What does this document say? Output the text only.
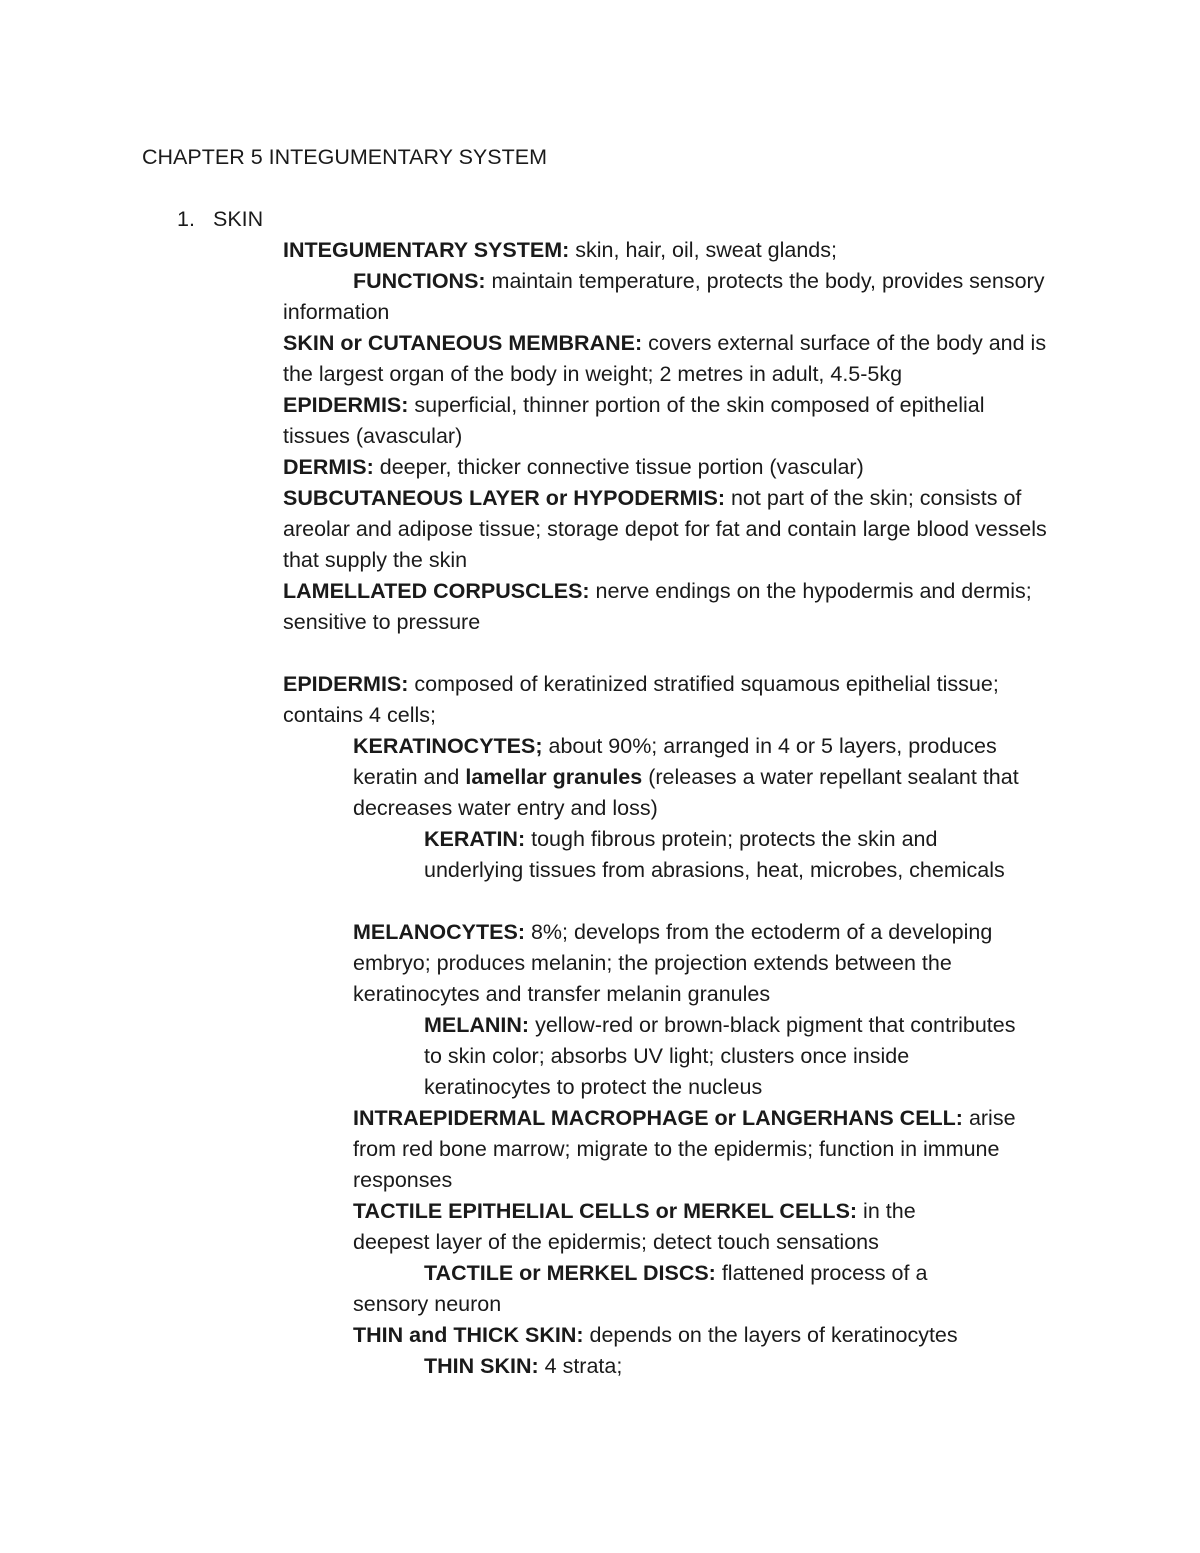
CHAPTER 5 INTEGUMENTARY SYSTEM
1. SKIN

INTEGUMENTARY SYSTEM: skin, hair, oil, sweat glands;

FUNCTIONS: maintain temperature, protects the body, provides sensory information

SKIN or CUTANEOUS MEMBRANE: covers external surface of the body and is the largest organ of the body in weight; 2 metres in adult, 4.5-5kg

EPIDERMIS: superficial, thinner portion of the skin composed of epithelial tissues (avascular)

DERMIS: deeper, thicker connective tissue portion (vascular)

SUBCUTANEOUS LAYER or HYPODERMIS: not part of the skin; consists of areolar and adipose tissue; storage depot for fat and contain large blood vessels that supply the skin

LAMELLATED CORPUSCLES: nerve endings on the hypodermis and dermis; sensitive to pressure

EPIDERMIS: composed of keratinized stratified squamous epithelial tissue; contains 4 cells;

KERATINOCYTES; about 90%; arranged in 4 or 5 layers, produces keratin and lamellar granules (releases a water repellant sealant that decreases water entry and loss)

KERATIN: tough fibrous protein; protects the skin and underlying tissues from abrasions, heat, microbes, chemicals

MELANOCYTES: 8%; develops from the ectoderm of a developing embryo; produces melanin; the projection extends between the keratinocytes and transfer melanin granules

MELANIN: yellow-red or brown-black pigment that contributes to skin color; absorbs UV light; clusters once inside keratinocytes to protect the nucleus

INTRAEPIDERMAL MACROPHAGE or LANGERHANS CELL: arise from red bone marrow; migrate to the epidermis; function in immune responses

TACTILE EPITHELIAL CELLS or MERKEL CELLS: in the deepest layer of the epidermis; detect touch sensations

TACTILE or MERKEL DISCS: flattened process of a sensory neuron

THIN and THICK SKIN: depends on the layers of keratinocytes

THIN SKIN: 4 strata;
